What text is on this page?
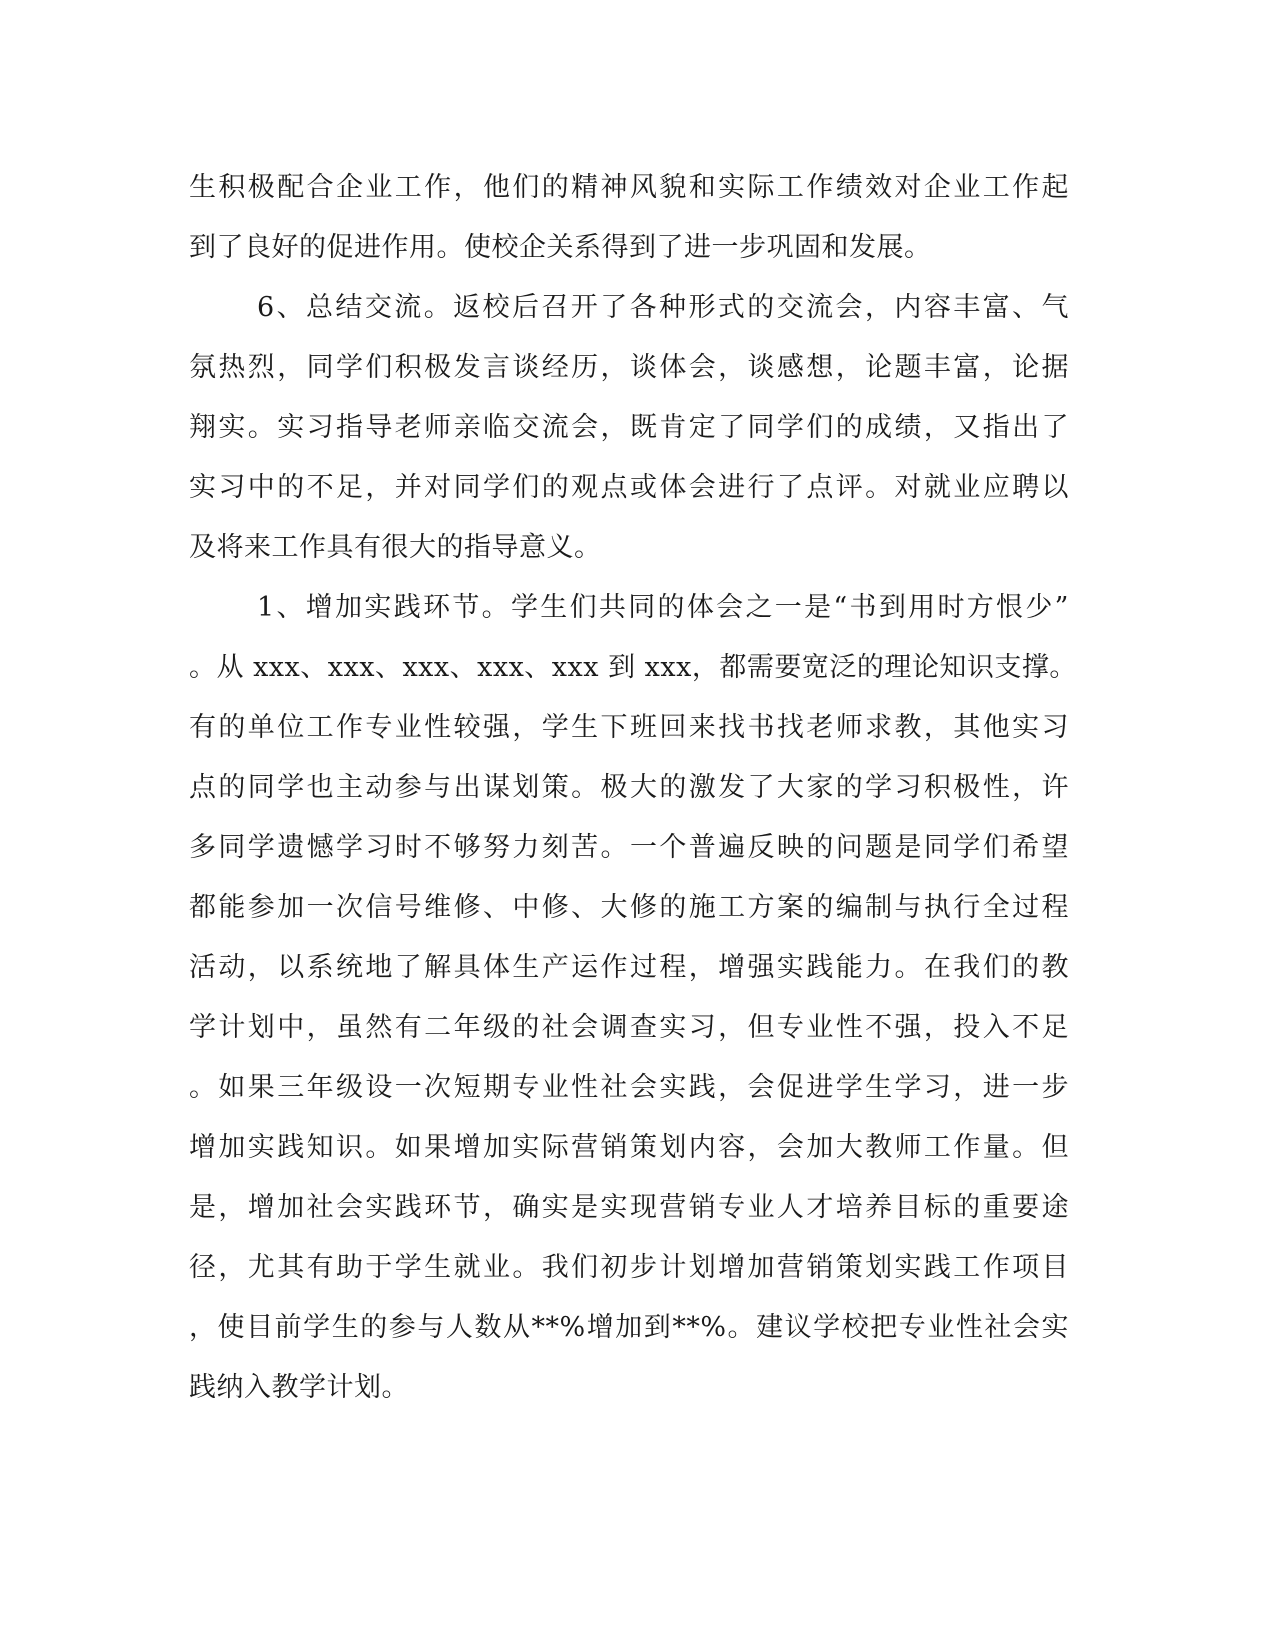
生积极配合企业工作，他们的精神风貌和实际工作绩效对企业工作起
到了良好的促进作用。使校企关系得到了进一步巩固和发展。
6、总结交流。返校后召开了各种形式的交流会，内容丰富、气
氛热烈，同学们积极发言谈经历，谈体会，谈感想，论题丰富，论据
翔实。实习指导老师亲临交流会，既肯定了同学们的成绩，又指出了
实习中的不足，并对同学们的观点或体会进行了点评。对就业应聘以
及将来工作具有很大的指导意义。
1、增加实践环节。学生们共同的体会之一是“书到用时方恨少”
。从 xxx、xxx、xxx、xxx、xxx 到 xxx，都需要宽泛的理论知识支撑。
有的单位工作专业性较强，学生下班回来找书找老师求教，其他实习
点的同学也主动参与出谋划策。极大的激发了大家的学习积极性，许
多同学遗憾学习时不够努力刻苦。一个普遍反映的问题是同学们希望
都能参加一次信号维修、中修、大修的施工方案的编制与执行全过程
活动，以系统地了解具体生产运作过程，增强实践能力。在我们的教
学计划中，虽然有二年级的社会调查实习，但专业性不强，投入不足
。如果三年级设一次短期专业性社会实践，会促进学生学习，进一步
增加实践知识。如果增加实际营销策划内容，会加大教师工作量。但
是，增加社会实践环节，确实是实现营销专业人才培养目标的重要途
径，尤其有助于学生就业。我们初步计划增加营销策划实践工作项目
，使目前学生的参与人数从**%增加到**%。建议学校把专业性社会实
践纳入教学计划。
